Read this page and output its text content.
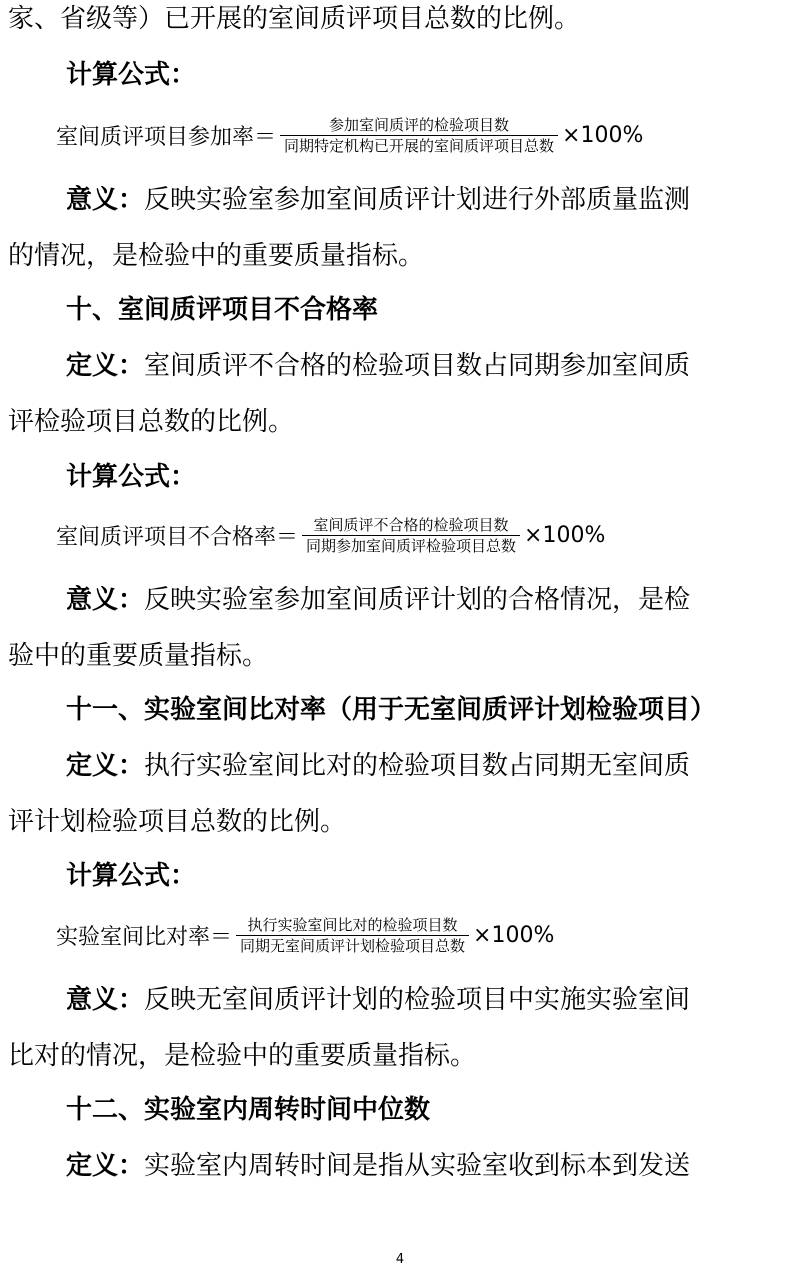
家、省级等）已开展的室间质评项目总数的比例。
计算公式：
室间质评项目参加率＝ $\frac{\text{参加室间质评的检验项目数}}{\text{同期特定机构已开展的室间质评项目总数}} \times 100\%$
意义：反映实验室参加室间质评计划进行外部质量监测
的情况，是检验中的重要质量指标。
十、室间质评项目不合格率
定义：室间质评不合格的检验项目数占同期参加室间质
评检验项目总数的比例。
计算公式：
室间质评项目不合格率＝ $\frac{\text{室间质评不合格的检验项目数}}{\text{同期参加室间质评检验项目总数}} \times 100\%$
意义：反映实验室参加室间质评计划的合格情况，是检
验中的重要质量指标。
十一、实验室间比对率（用于无室间质评计划检验项目）
定义：执行实验室间比对的检验项目数占同期无室间质
评计划检验项目总数的比例。
计算公式：
实验室间比对率＝ $\frac{\text{执行实验室间比对的检验项目数}}{\text{同期无室间质评计划检验项目总数}} \times 100\%$
意义：反映无室间质评计划的检验项目中实施实验室间
比对的情况，是检验中的重要质量指标。
十二、实验室内周转时间中位数
定义：实验室内周转时间是指从实验室收到标本到发送
4
